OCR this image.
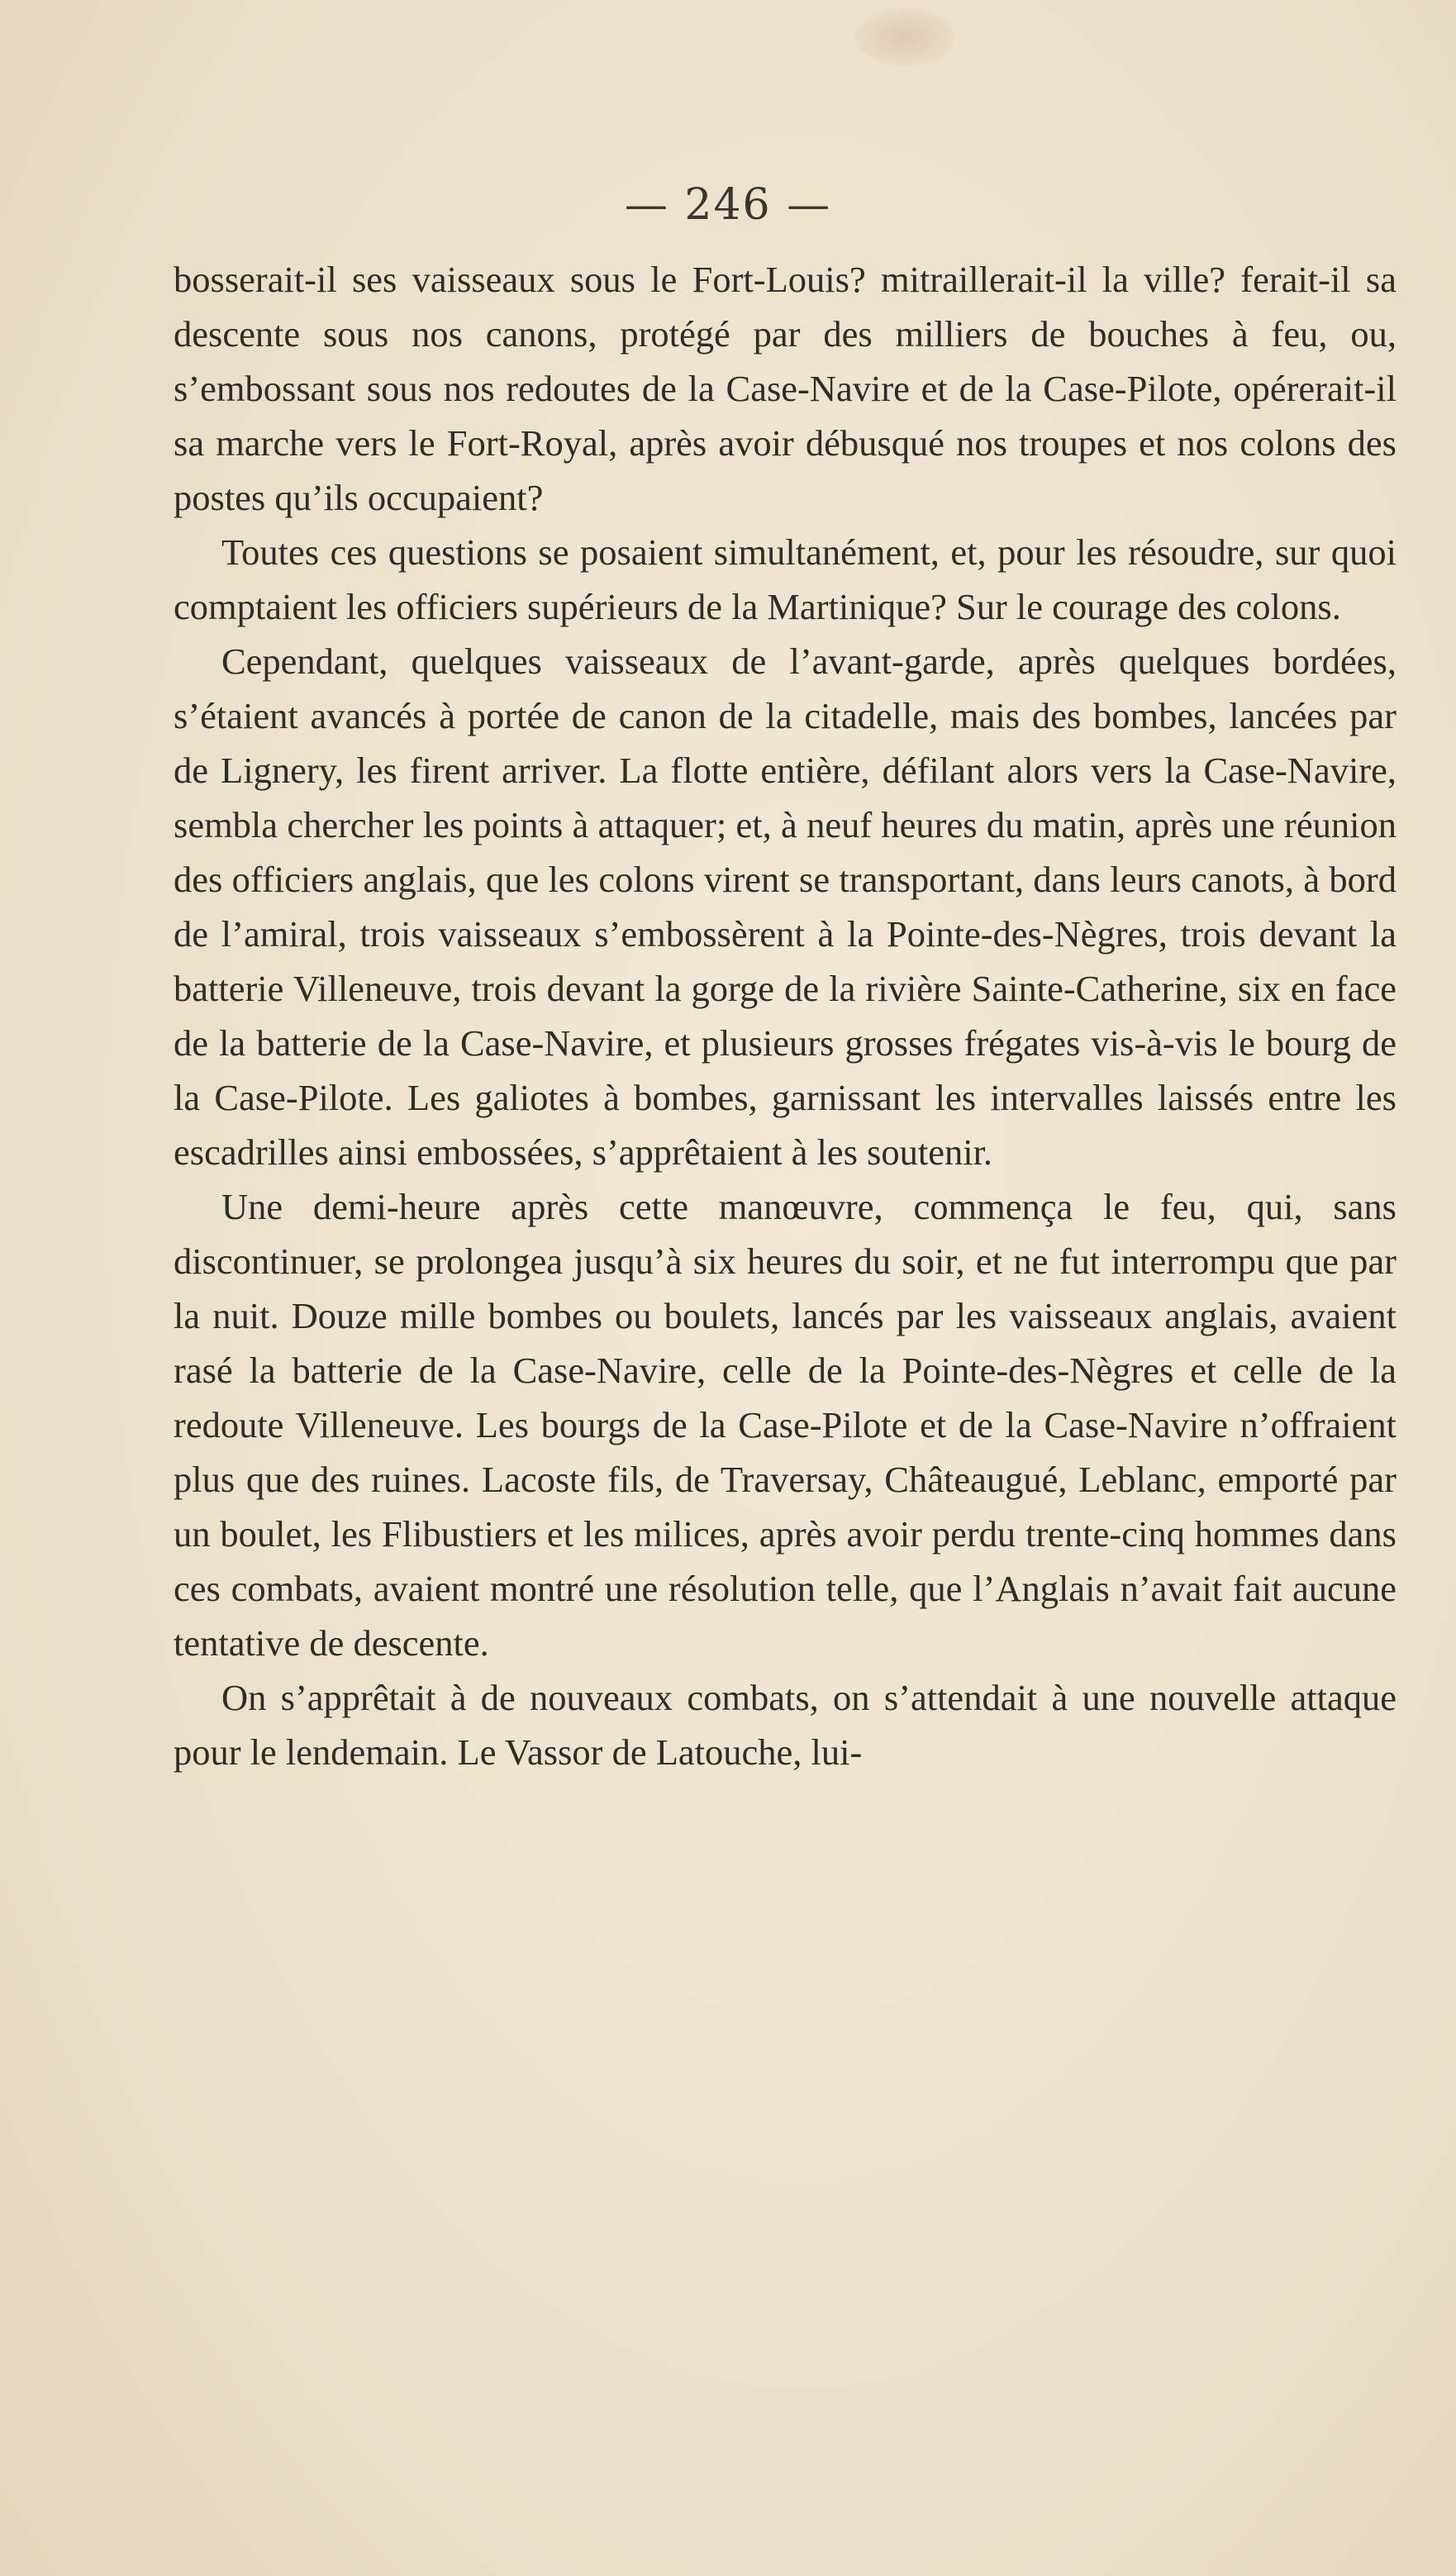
— 246 —

bosserait-il ses vaisseaux sous le Fort-Louis? mitraillerait-il la ville? ferait-il sa descente sous nos canons, protégé par des milliers de bouches à feu, ou, s’embossant sous nos redoutes de la Case-Navire et de la Case-Pilote, opérerait-il sa marche vers le Fort-Royal, après avoir débusqué nos troupes et nos colons des postes qu’ils occupaient?

Toutes ces questions se posaient simultanément, et, pour les résoudre, sur quoi comptaient les officiers supérieurs de la Martinique? Sur le courage des colons.

Cependant, quelques vaisseaux de l’avant-garde, après quelques bordées, s’étaient avancés à portée de canon de la citadelle, mais des bombes, lancées par de Lignery, les firent arriver. La flotte entière, défilant alors vers la Case-Navire, sembla chercher les points à attaquer; et, à neuf heures du matin, après une réunion des officiers anglais, que les colons virent se transportant, dans leurs canots, à bord de l’amiral, trois vaisseaux s’embossèrent à la Pointe-des-Nègres, trois devant la batterie Villeneuve, trois devant la gorge de la rivière Sainte-Catherine, six en face de la batterie de la Case-Navire, et plusieurs grosses frégates vis-à-vis le bourg de la Case-Pilote. Les galiotes à bombes, garnissant les intervalles laissés entre les escadrilles ainsi embossées, s’apprêtaient à les soutenir.

Une demi-heure après cette manœuvre, commença le feu, qui, sans discontinuer, se prolongea jusqu’à six heures du soir, et ne fut interrompu que par la nuit. Douze mille bombes ou boulets, lancés par les vaisseaux anglais, avaient rasé la batterie de la Case-Navire, celle de la Pointe-des-Nègres et celle de la redoute Villeneuve. Les bourgs de la Case-Pilote et de la Case-Navire n’offraient plus que des ruines. Lacoste fils, de Traversay, Châteaugué, Leblanc, emporté par un boulet, les Flibustiers et les milices, après avoir perdu trente-cinq hommes dans ces combats, avaient montré une résolution telle, que l’Anglais n’avait fait aucune tentative de descente.

On s’apprêtait à de nouveaux combats, on s’attendait à une nouvelle attaque pour le lendemain. Le Vassor de Latouche, lui-
